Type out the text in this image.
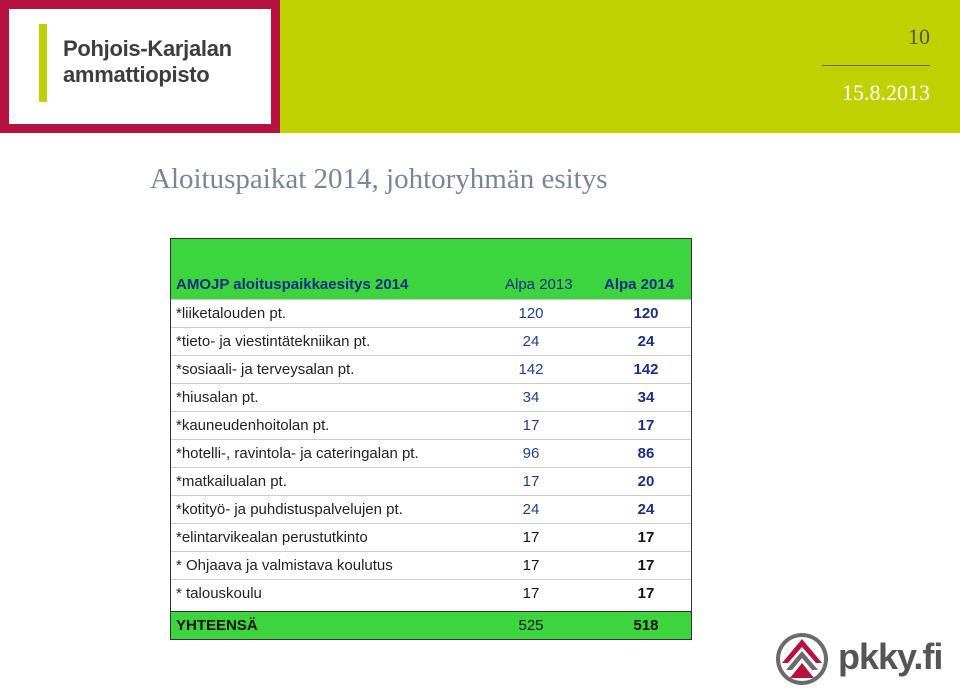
Pohjois-Karjalan
ammattiopisto
10
15.8.2013
Aloituspaikat 2014, johtoryhmän esitys
AMOJP aloituspaikkaesitys 2014	Alpa 2013 Alpa 2014
*liiketalouden pt.	120	120
*tieto- ja viestintätekniikan pt.	24	24
*sosiaali- ja terveysalan pt.	142	142
*hiusalan pt.	34	34
*kauneudenhoitolan pt.	17	17
*hotelli-, ravintola- ja cateringalan pt.	96	86
*matkailualan pt.	17	20
*kotityö- ja puhdistuspalvelujen pt.	24	24
*elintarvikealan perustutkinto	17	17
* Ohjaava ja valmistava koulutus	17	17
* talouskoulu	17	17
YHTEENSÄ	525	518
pkky.fi
